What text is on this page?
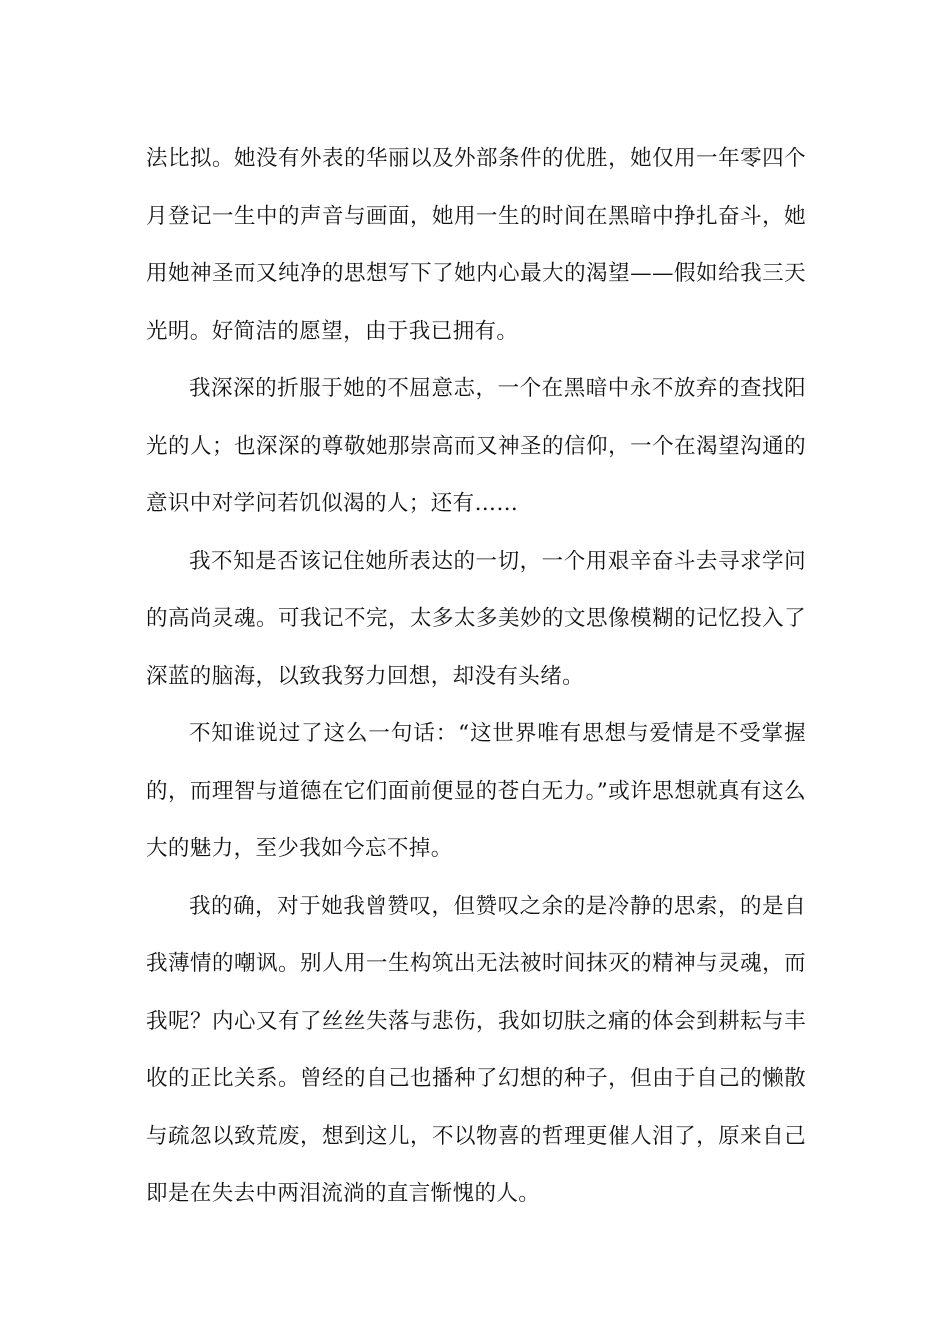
法比拟。她没有外表的华丽以及外部条件的优胜，她仅用一年零四个月登记一生中的声音与画面，她用一生的时间在黑暗中挣扎奋斗，她用她神圣而又纯净的思想写下了她内心最大的渴望——假如给我三天光明。好简洁的愿望，由于我已拥有。

我深深的折服于她的不屈意志，一个在黑暗中永不放弃的查找阳光的人；也深深的尊敬她那崇高而又神圣的信仰，一个在渴望沟通的意识中对学问若饥似渴的人；还有……

我不知是否该记住她所表达的一切，一个用艰辛奋斗去寻求学问的高尚灵魂。可我记不完，太多太多美妙的文思像模糊的记忆投入了深蓝的脑海，以致我努力回想，却没有头绪。

不知谁说过了这么一句话：“这世界唯有思想与爱情是不受掌握的，而理智与道德在它们面前便显的苍白无力。”或许思想就真有这么大的魅力，至少我如今忘不掉。

我的确，对于她我曾赞叹，但赞叹之余的是冷静的思索，的是自我薄情的嘲讽。别人用一生构筑出无法被时间抹灭的精神与灵魂，而我呢？内心又有了丝丝失落与悲伤，我如切肤之痛的体会到耕耘与丰收的正比关系。曾经的自己也播种了幻想的种子，但由于自己的懒散与疏忽以致荒废，想到这儿，不以物喜的哲理更催人泪了，原来自己即是在失去中两泪流淌的直言惭愧的人。
